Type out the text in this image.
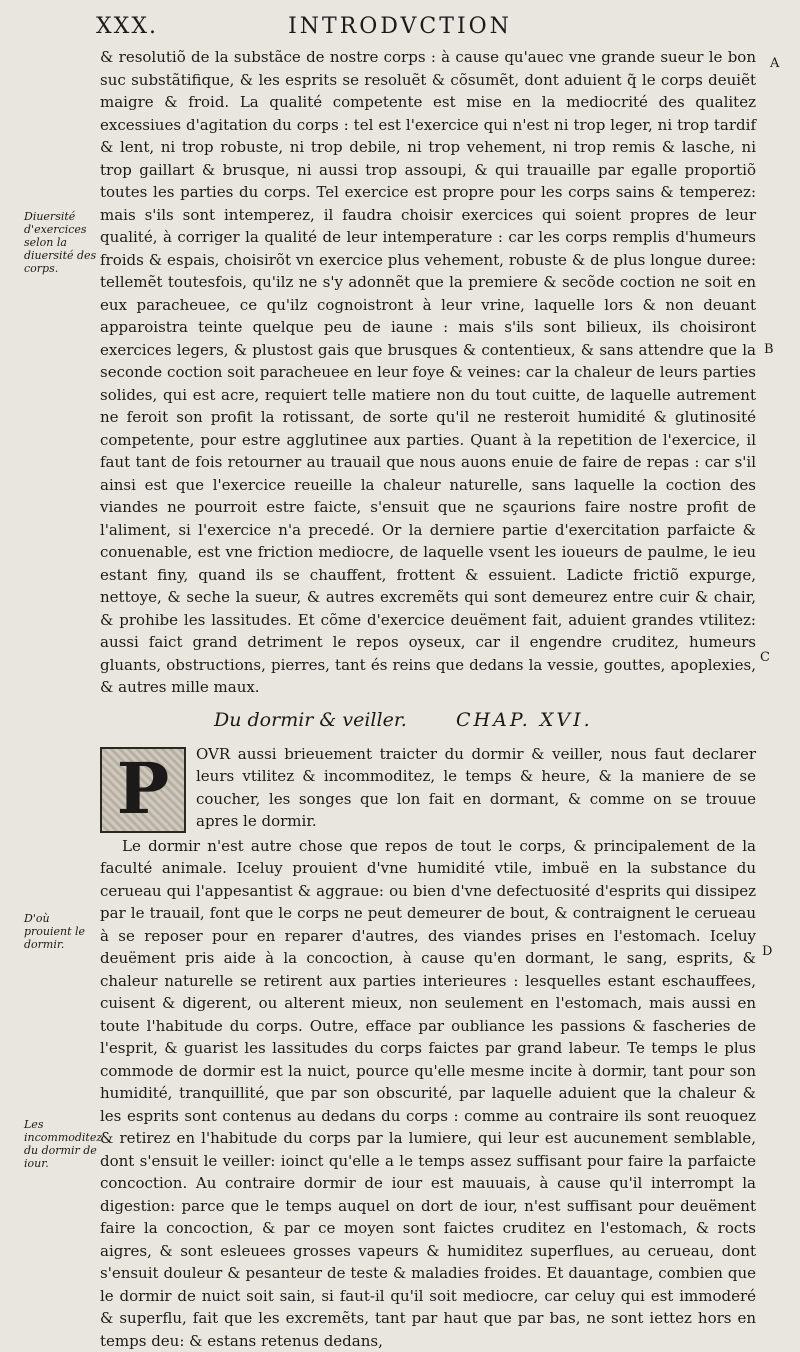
XXX.	INTRODVCTION
Diuersité d'exercices selon la diuersité des corps.
D'où prouient le dormir.
Les incommoditez du dormir de iour.
A
B
C
D

& resolutiõ de la substãce de nostre corps : à cause qu'auec vne grande sueur le bon suc substãtifique, & les esprits se resoluẽt & cõsumẽt, dont aduient q̃ le corps deuiẽt maigre & froid. La qualité competente est mise en la mediocrité des qualitez excessiues d'agitation du corps : tel est l'exercice qui n'est ni trop leger, ni trop tardif & lent, ni trop robuste, ni trop debile, ni trop vehement, ni trop remis & lasche, ni trop gaillart & brusque, ni aussi trop assoupi, & qui trauaille par egalle proportiõ toutes les parties du corps. Tel exercice est propre pour les corps sains & temperez: mais s'ils sont intemperez, il faudra choisir exercices qui soient propres de leur qualité, à corriger la qualité de leur intemperature : car les corps remplis d'humeurs froids & espais, choisirõt vn exercice plus vehement, robuste & de plus longue duree: tellemẽt toutesfois, qu'ilz ne s'y adonnẽt que la premiere & secõde coction ne soit en eux paracheuee, ce qu'ilz cognoistront à leur vrine, laquelle lors & non deuant apparoistra teinte quelque peu de iaune : mais s'ils sont bilieux, ils choisiront exercices legers, & plustost gais que brusques & contentieux, & sans attendre que la seconde coction soit paracheuee en leur foye & veines: car la chaleur de leurs parties solides, qui est acre, requiert telle matiere non du tout cuitte, de laquelle autrement ne feroit son profit la rotissant, de sorte qu'il ne resteroit humidité & glutinosité competente, pour estre agglutinee aux parties. Quant à la repetition de l'exercice, il faut tant de fois retourner au trauail que nous auons enuie de faire de repas : car s'il ainsi est que l'exercice reueille la chaleur naturelle, sans laquelle la coction des viandes ne pourroit estre faicte, s'ensuit que ne sçaurions faire nostre profit de l'aliment, si l'exercice n'a precedé. Or la derniere partie d'exercitation parfaicte & conuenable, est vne friction mediocre, de laquelle vsent les ioueurs de paulme, le ieu estant finy, quand ils se chauffent, frottent & essuient. Ladicte frictiõ expurge, nettoye, & seche la sueur, & autres excremẽts qui sont demeurez entre cuir & chair, & prohibe les lassitudes. Et cõme d'exercice deuëment fait, aduient grandes vtilitez: aussi faict grand detriment le repos oyseux, car il engendre cruditez, humeurs gluants, obstructions, pierres, tant és reins que dedans la vessie, gouttes, apoplexies, & autres mille maux.

Du dormir & veiller.	CHAP. XVI.

P	OVR aussi brieuement traicter du dormir & veiller, nous faut declarer leurs vtilitez & incommoditez, le temps & heure, & la maniere de se coucher, les songes que lon fait en dormant, & comme on se trouue apres le dormir.

Le dormir n'est autre chose que repos de tout le corps, & principalement de la faculté animale. Iceluy prouient d'vne humidité vtile, imbuë en la substance du cerueau qui l'appesantist & aggraue: ou bien d'vne defectuosité d'esprits qui dissipez par le trauail, font que le corps ne peut demeurer de bout, & contraignent le cerueau à se reposer pour en reparer d'autres, des viandes prises en l'estomach. Iceluy deuëment pris aide à la concoction, à cause qu'en dormant, le sang, esprits, & chaleur naturelle se retirent aux parties interieures : lesquelles estant eschauffees, cuisent & digerent, ou alterent mieux, non seulement en l'estomach, mais aussi en toute l'habitude du corps. Outre, efface par oubliance les passions & fascheries de l'esprit, & guarist les lassitudes du corps faictes par grand labeur. Te temps le plus commode de dormir est la nuict, pource qu'elle mesme incite à dormir, tant pour son humidité, tranquillité, que par son obscurité, par laquelle aduient que la chaleur & les esprits sont contenus au dedans du corps : comme au contraire ils sont reuoquez & retirez en l'habitude du corps par la lumiere, qui leur est aucunement semblable, dont s'ensuit le veiller: ioinct qu'elle a le temps assez suffisant pour faire la parfaicte concoction. Au contraire dormir de iour est mauuais, à cause qu'il interrompt la digestion: parce que le temps auquel on dort de iour, n'est suffisant pour deuëment faire la concoction, & par ce moyen sont faictes cruditez en l'estomach, & rocts aigres, & sont esleuees grosses vapeurs & humiditez superflues, au cerueau, dont s'ensuit douleur & pesanteur de teste & maladies froides. Et dauantage, combien que le dormir de nuict soit sain, si faut-il qu'il soit mediocre, car celuy qui est immoderé & superflu, fait que les excremẽts, tant par haut que par bas, ne sont iettez hors en temps deu: & estans retenus dedans,
